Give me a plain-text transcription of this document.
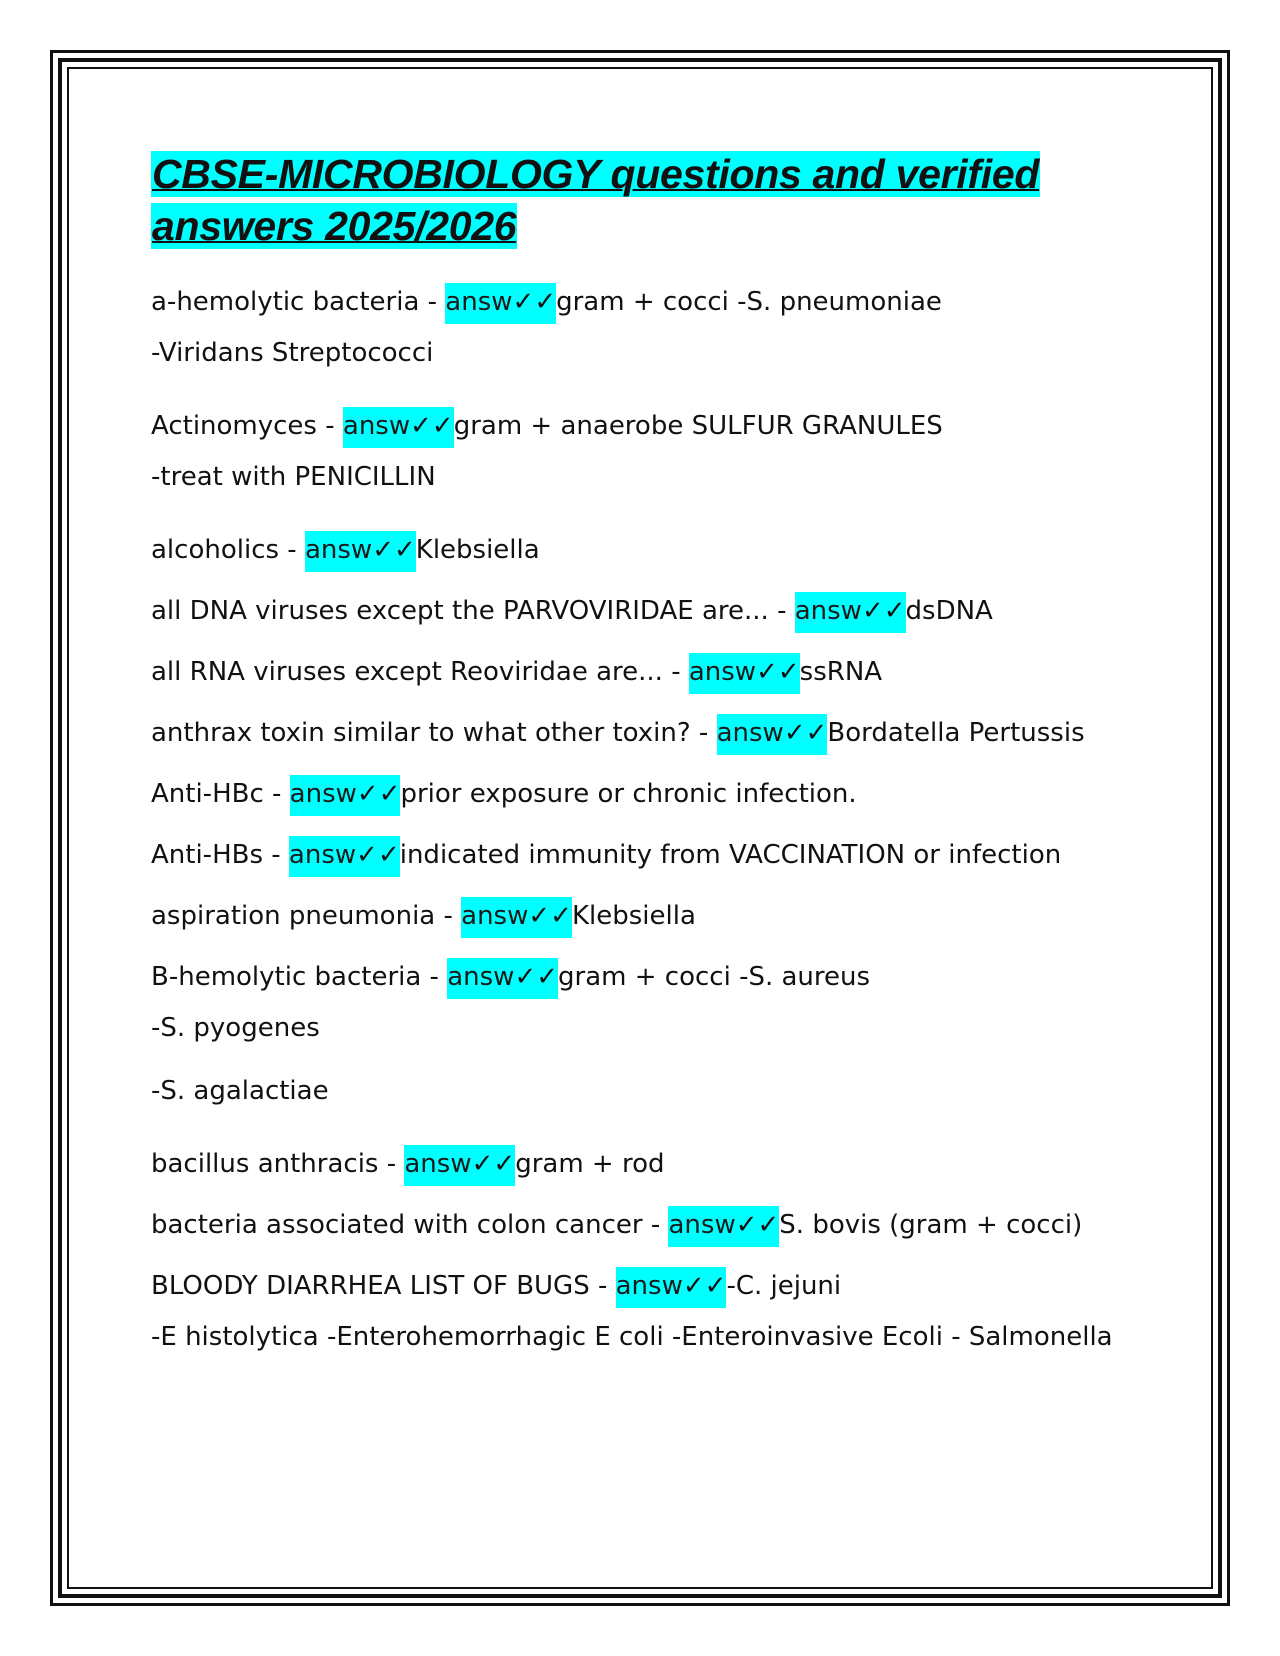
CBSE-MICROBIOLOGY questions and verified
answers 2025/2026

a-hemolytic bacteria - answ✓✓gram + cocci -S. pneumoniae

-Viridans Streptococci

Actinomyces - answ✓✓gram + anaerobe SULFUR GRANULES

-treat with PENICILLIN

alcoholics - answ✓✓Klebsiella

all DNA viruses except the PARVOVIRIDAE are... - answ✓✓dsDNA

all RNA viruses except Reoviridae are... - answ✓✓ssRNA

anthrax toxin similar to what other toxin? - answ✓✓Bordatella Pertussis

Anti-HBc - answ✓✓prior exposure or chronic infection.

Anti-HBs - answ✓✓indicated immunity from VACCINATION or infection

aspiration pneumonia - answ✓✓Klebsiella

B-hemolytic bacteria - answ✓✓gram + cocci -S. aureus

-S. pyogenes

-S. agalactiae

bacillus anthracis - answ✓✓gram + rod

bacteria associated with colon cancer - answ✓✓S. bovis (gram + cocci)

BLOODY DIARRHEA LIST OF BUGS - answ✓✓-C. jejuni

-E histolytica -Enterohemorrhagic E coli -Enteroinvasive Ecoli - Salmonella
